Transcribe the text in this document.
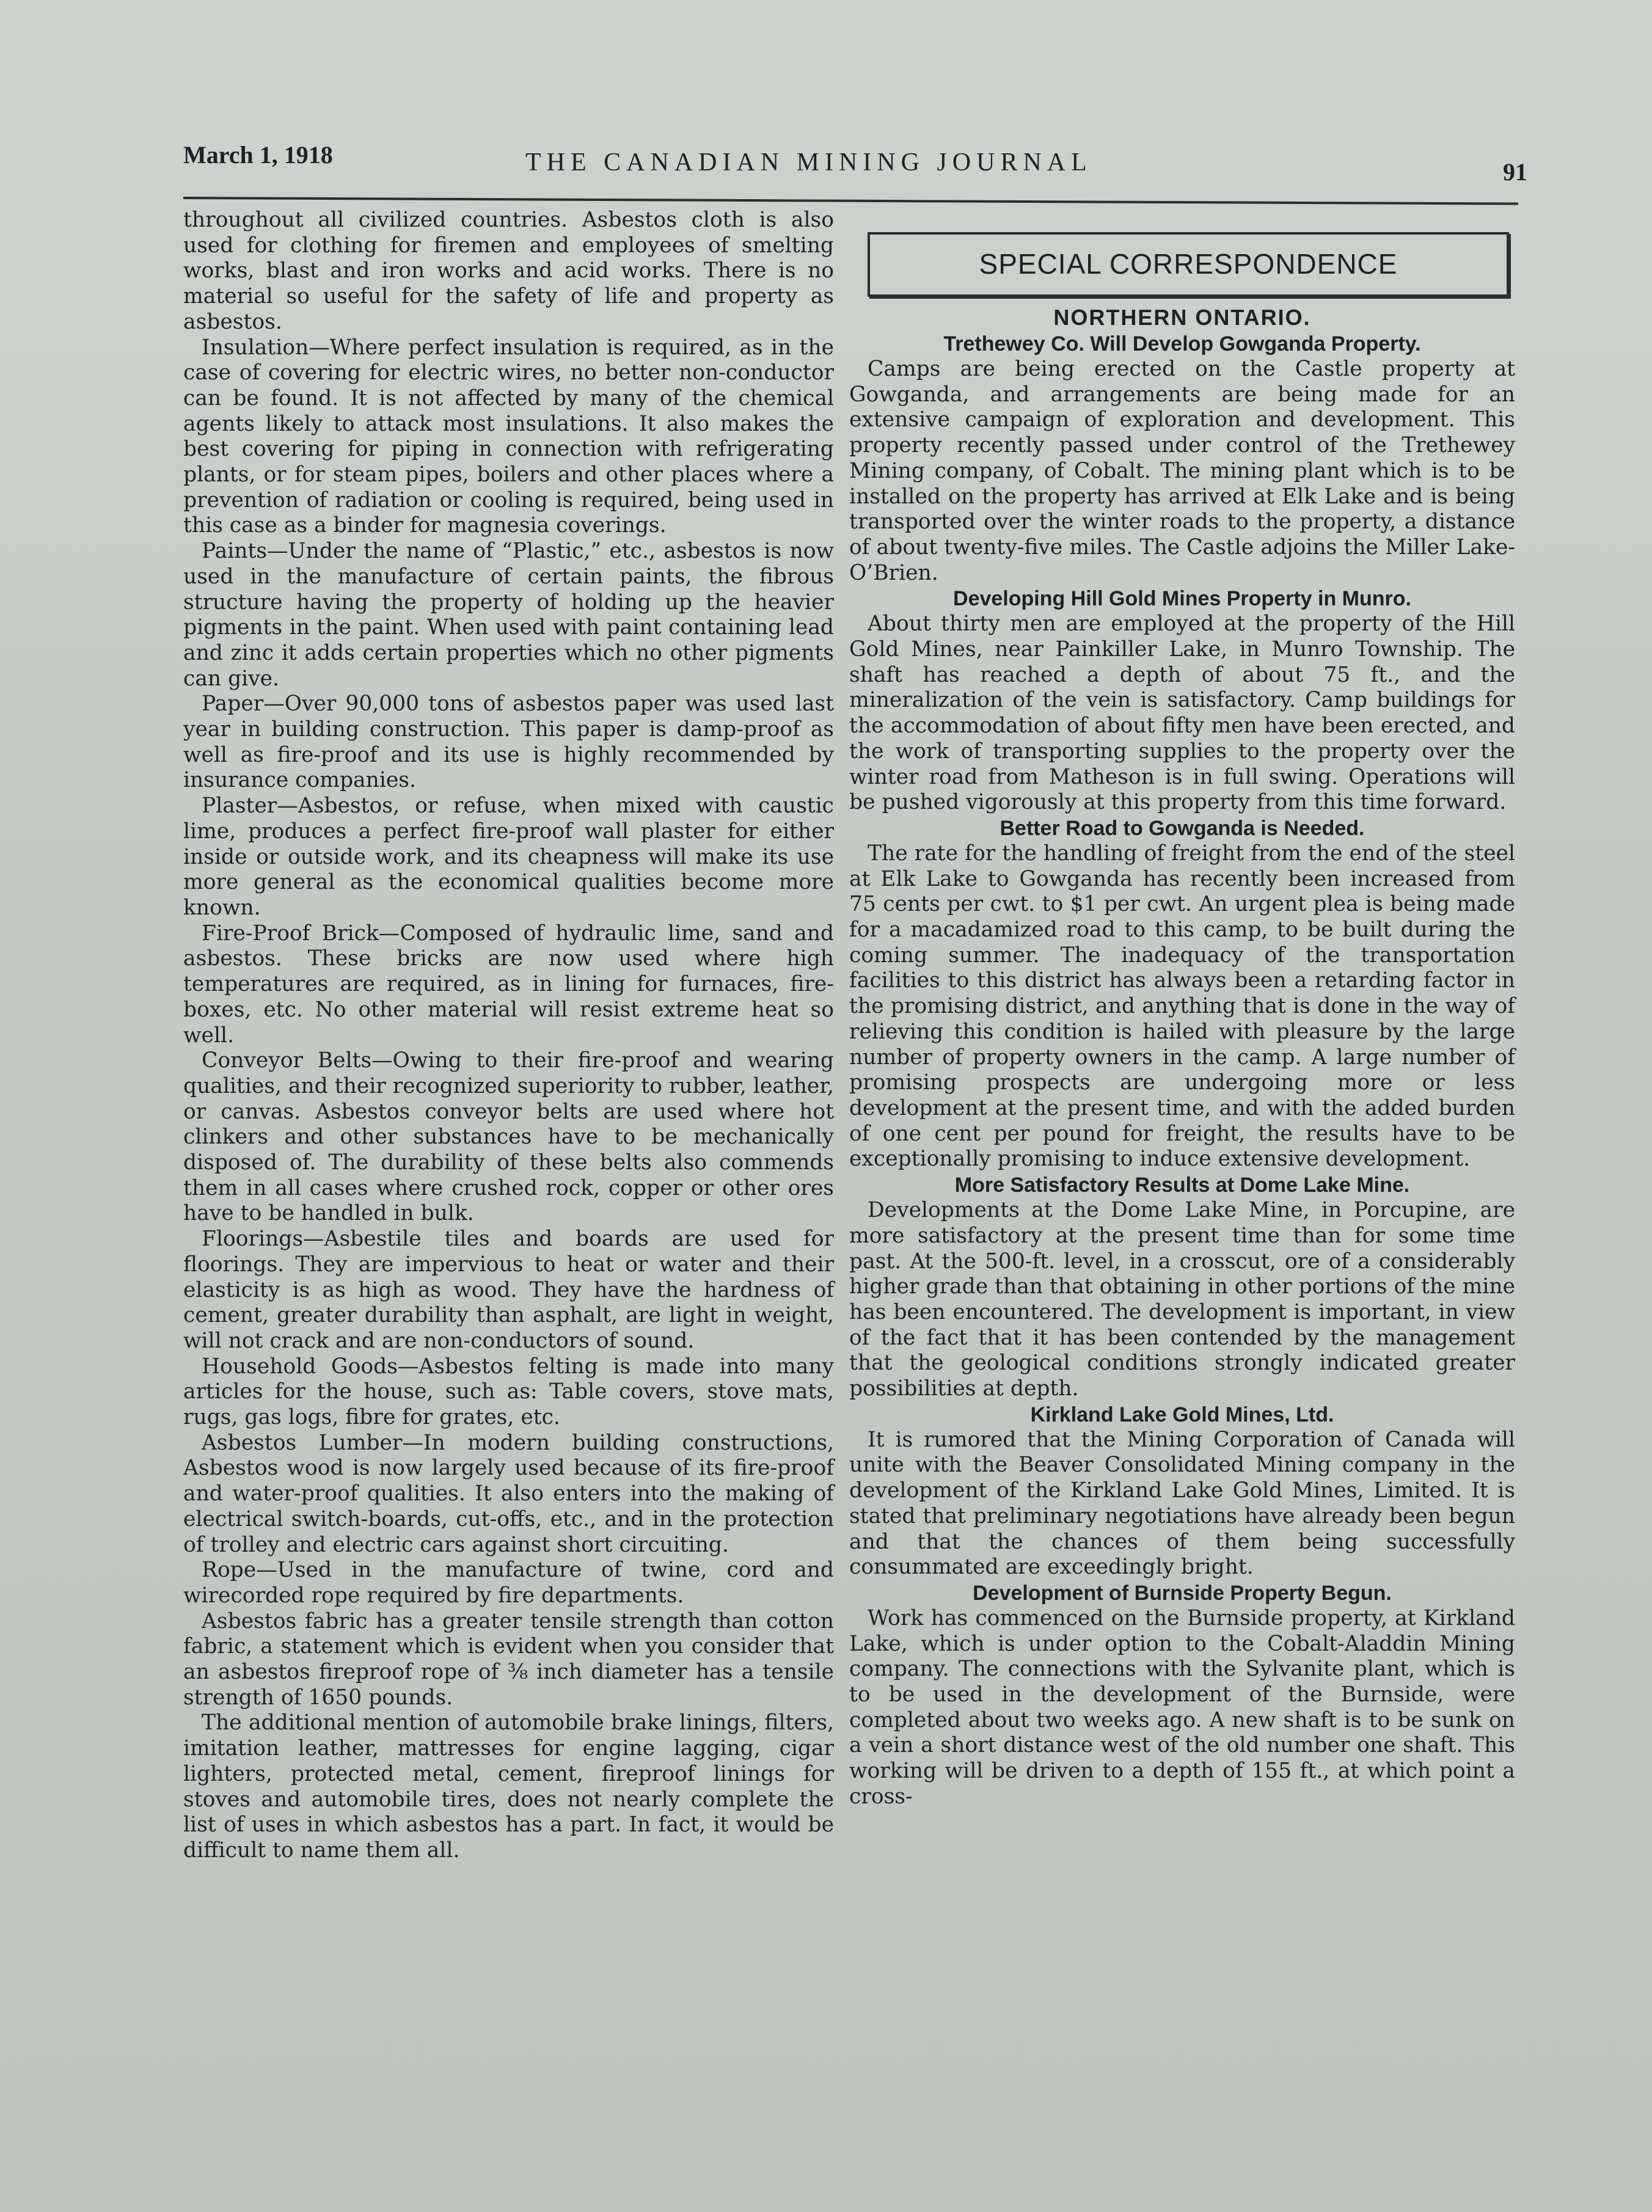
March 1, 1918	THE CANADIAN MINING JOURNAL	91

throughout all civilized countries. Asbestos cloth is also used for clothing for firemen and employees of smelting works, blast and iron works and acid works. There is no material so useful for the safety of life and property as asbestos.

Insulation—Where perfect insulation is required, as in the case of covering for electric wires, no better non-conductor can be found. It is not affected by many of the chemical agents likely to attack most insulations. It also makes the best covering for piping in connection with refrigerating plants, or for steam pipes, boilers and other places where a prevention of radiation or cooling is required, being used in this case as a binder for magnesia coverings.

Paints—Under the name of “Plastic,” etc., asbestos is now used in the manufacture of certain paints, the fibrous structure having the property of holding up the heavier pigments in the paint. When used with paint containing lead and zinc it adds certain properties which no other pigments can give.

Paper—Over 90,000 tons of asbestos paper was used last year in building construction. This paper is damp-proof as well as fire-proof and its use is highly recommended by insurance companies.

Plaster—Asbestos, or refuse, when mixed with caustic lime, produces a perfect fire-proof wall plaster for either inside or outside work, and its cheapness will make its use more general as the economical qualities become more known.

Fire-Proof Brick—Composed of hydraulic lime, sand and asbestos. These bricks are now used where high temperatures are required, as in lining for furnaces, fire-boxes, etc. No other material will resist extreme heat so well.

Conveyor Belts—Owing to their fire-proof and wearing qualities, and their recognized superiority to rubber, leather, or canvas. Asbestos conveyor belts are used where hot clinkers and other substances have to be mechanically disposed of. The durability of these belts also commends them in all cases where crushed rock, copper or other ores have to be handled in bulk.

Floorings—Asbestile tiles and boards are used for floorings. They are impervious to heat or water and their elasticity is as high as wood. They have the hardness of cement, greater durability than asphalt, are light in weight, will not crack and are non-conductors of sound.

Household Goods—Asbestos felting is made into many articles for the house, such as: Table covers, stove mats, rugs, gas logs, fibre for grates, etc.

Asbestos Lumber—In modern building constructions, Asbestos wood is now largely used because of its fire-proof and water-proof qualities. It also enters into the making of electrical switch-boards, cut-offs, etc., and in the protection of trolley and electric cars against short circuiting.

Rope—Used in the manufacture of twine, cord and wirecorded rope required by fire departments.

Asbestos fabric has a greater tensile strength than cotton fabric, a statement which is evident when you consider that an asbestos fireproof rope of ⅜ inch diameter has a tensile strength of 1650 pounds.

The additional mention of automobile brake linings, filters, imitation leather, mattresses for engine lagging, cigar lighters, protected metal, cement, fireproof linings for stoves and automobile tires, does not nearly complete the list of uses in which asbestos has a part. In fact, it would be difficult to name them all.

SPECIAL CORRESPONDENCE
NORTHERN ONTARIO.
Trethewey Co. Will Develop Gowganda Property.

Camps are being erected on the Castle property at Gowganda, and arrangements are being made for an extensive campaign of exploration and development. This property recently passed under control of the Trethewey Mining company, of Cobalt. The mining plant which is to be installed on the property has arrived at Elk Lake and is being transported over the winter roads to the property, a distance of about twenty-five miles. The Castle adjoins the Miller Lake-O’Brien.

Developing Hill Gold Mines Property in Munro.

About thirty men are employed at the property of the Hill Gold Mines, near Painkiller Lake, in Munro Township. The shaft has reached a depth of about 75 ft., and the mineralization of the vein is satisfactory. Camp buildings for the accommodation of about fifty men have been erected, and the work of transporting supplies to the property over the winter road from Matheson is in full swing. Operations will be pushed vigorously at this property from this time forward.

Better Road to Gowganda is Needed.

The rate for the handling of freight from the end of the steel at Elk Lake to Gowganda has recently been increased from 75 cents per cwt. to $1 per cwt. An urgent plea is being made for a macadamized road to this camp, to be built during the coming summer. The inadequacy of the transportation facilities to this district has always been a retarding factor in the promising district, and anything that is done in the way of relieving this condition is hailed with pleasure by the large number of property owners in the camp. A large number of promising prospects are undergoing more or less development at the present time, and with the added burden of one cent per pound for freight, the results have to be exceptionally promising to induce extensive development.

More Satisfactory Results at Dome Lake Mine.

Developments at the Dome Lake Mine, in Porcupine, are more satisfactory at the present time than for some time past. At the 500-ft. level, in a crosscut, ore of a considerably higher grade than that obtaining in other portions of the mine has been encountered. The development is important, in view of the fact that it has been contended by the management that the geological conditions strongly indicated greater possibilities at depth.

Kirkland Lake Gold Mines, Ltd.

It is rumored that the Mining Corporation of Canada will unite with the Beaver Consolidated Mining company in the development of the Kirkland Lake Gold Mines, Limited. It is stated that preliminary negotiations have already been begun and that the chances of them being successfully consummated are exceedingly bright.

Development of Burnside Property Begun.

Work has commenced on the Burnside property, at Kirkland Lake, which is under option to the Cobalt-Aladdin Mining company. The connections with the Sylvanite plant, which is to be used in the development of the Burnside, were completed about two weeks ago. A new shaft is to be sunk on a vein a short distance west of the old number one shaft. This working will be driven to a depth of 155 ft., at which point a cross-
